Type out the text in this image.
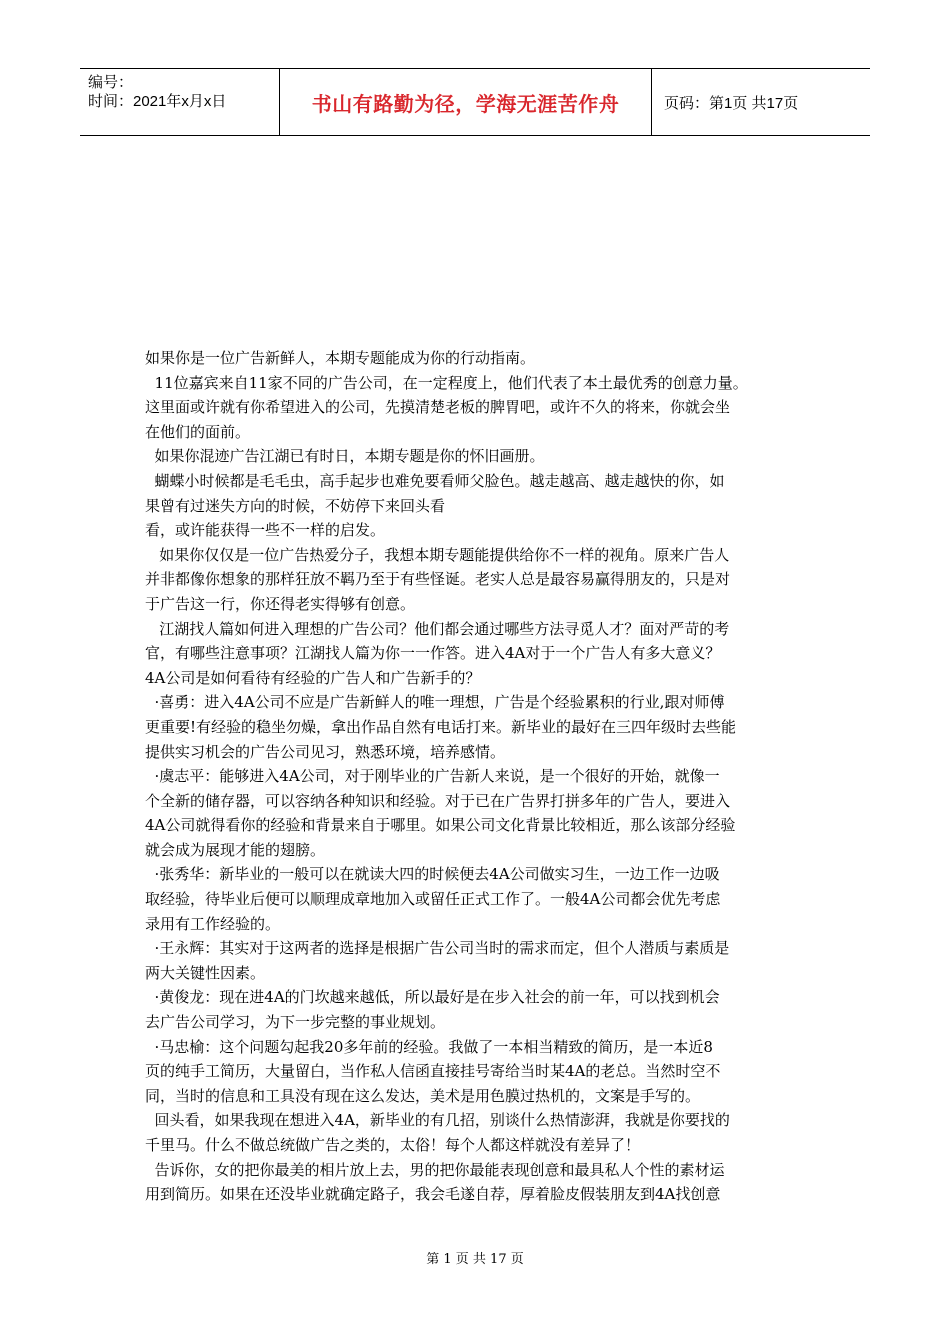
编号：
时间：2021年x月x日	书山有路勤为径，学海无涯苦作舟	页码：第1页 共17页

如果你是一位广告新鲜人，本期专题能成为你的行动指南。

11位嘉宾来自11家不同的广告公司，在一定程度上，他们代表了本土最优秀的创意力量。

这里面或许就有你希望进入的公司，先摸清楚老板的脾胃吧，或许不久的将来，你就会坐

在他们的面前。

如果你混迹广告江湖已有时日，本期专题是你的怀旧画册。

蝴蝶小时候都是毛毛虫，高手起步也难免要看师父脸色。越走越高、越走越快的你，如

果曾有过迷失方向的时候，不妨停下来回头看

看，或许能获得一些不一样的启发。

如果你仅仅是一位广告热爱分子，我想本期专题能提供给你不一样的视角。原来广告人

并非都像你想象的那样狂放不羁乃至于有些怪诞。老实人总是最容易赢得朋友的，只是对

于广告这一行，你还得老实得够有创意。

江湖找人篇如何进入理想的广告公司？他们都会通过哪些方法寻觅人才？面对严苛的考

官，有哪些注意事项？江湖找人篇为你一一作答。进入4A对于一个广告人有多大意义？

4A公司是如何看待有经验的广告人和广告新手的？

·喜勇：进入4A公司不应是广告新鲜人的唯一理想，广告是个经验累积的行业,跟对师傅

更重要!有经验的稳坐勿燥，拿出作品自然有电话打来。新毕业的最好在三四年级时去些能

提供实习机会的广告公司见习，熟悉环境，培养感情。

·虞志平：能够进入4A公司，对于刚毕业的广告新人来说，是一个很好的开始，就像一

个全新的储存器，可以容纳各种知识和经验。对于已在广告界打拼多年的广告人，要进入

4A公司就得看你的经验和背景来自于哪里。如果公司文化背景比较相近，那么该部分经验

就会成为展现才能的翅膀。

·张秀华：新毕业的一般可以在就读大四的时候便去4A公司做实习生，一边工作一边吸

取经验，待毕业后便可以顺理成章地加入或留任正式工作了。一般4A公司都会优先考虑

录用有工作经验的。

·王永辉：其实对于这两者的选择是根据广告公司当时的需求而定，但个人潜质与素质是

两大关键性因素。

·黄俊龙：现在进4A的门坎越来越低，所以最好是在步入社会的前一年，可以找到机会

去广告公司学习，为下一步完整的事业规划。

·马忠榆：这个问题勾起我20多年前的经验。我做了一本相当精致的简历，是一本近8

页的纯手工简历，大量留白，当作私人信函直接挂号寄给当时某4A的老总。当然时空不

同，当时的信息和工具没有现在这么发达，美术是用色膜过热机的，文案是手写的。

回头看，如果我现在想进入4A，新毕业的有几招，别谈什么热情澎湃，我就是你要找的

千里马。什么不做总统做广告之类的，太俗！每个人都这样就没有差异了！

告诉你，女的把你最美的相片放上去，男的把你最能表现创意和最具私人个性的素材运

用到简历。如果在还没毕业就确定路子，我会毛遂自荐，厚着脸皮假装朋友到4A找创意

第 1 页 共 17 页
